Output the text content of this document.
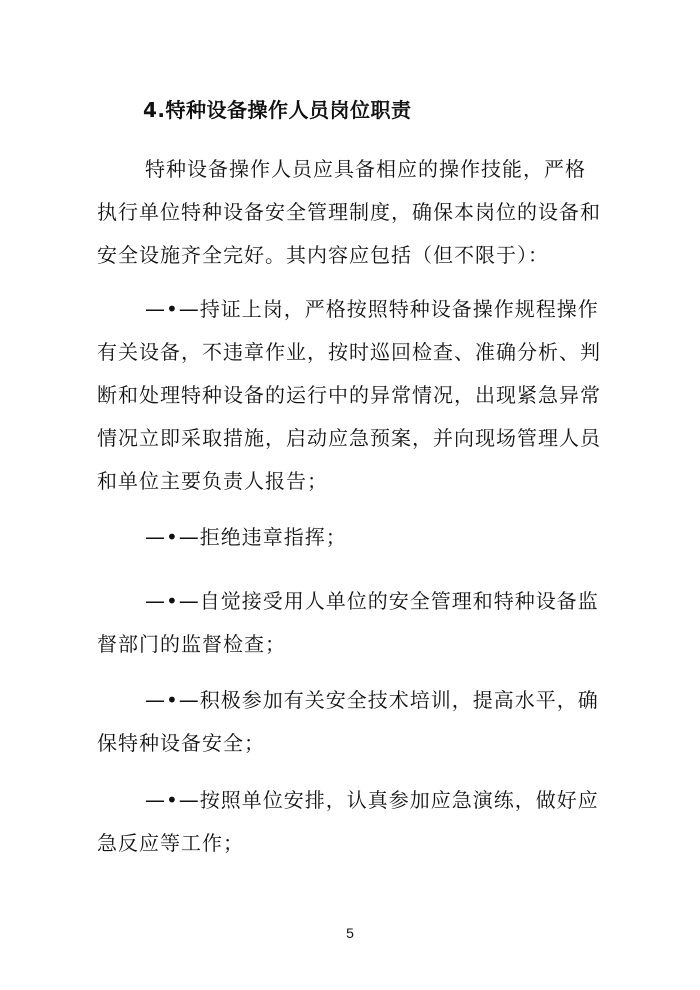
4.特种设备操作人员岗位职责

特种设备操作人员应具备相应的操作技能，严格执行单位特种设备安全管理制度，确保本岗位的设备和安全设施齐全完好。其内容应包括（但不限于）：

—•—持证上岗，严格按照特种设备操作规程操作有关设备，不违章作业，按时巡回检查、准确分析、判断和处理特种设备的运行中的异常情况，出现紧急异常情况立即采取措施，启动应急预案，并向现场管理人员和单位主要负责人报告；

—•—拒绝违章指挥；

—•—自觉接受用人单位的安全管理和特种设备监督部门的监督检查；

—•—积极参加有关安全技术培训，提高水平，确保特种设备安全；

—•—按照单位安排，认真参加应急演练，做好应急反应等工作；

5
